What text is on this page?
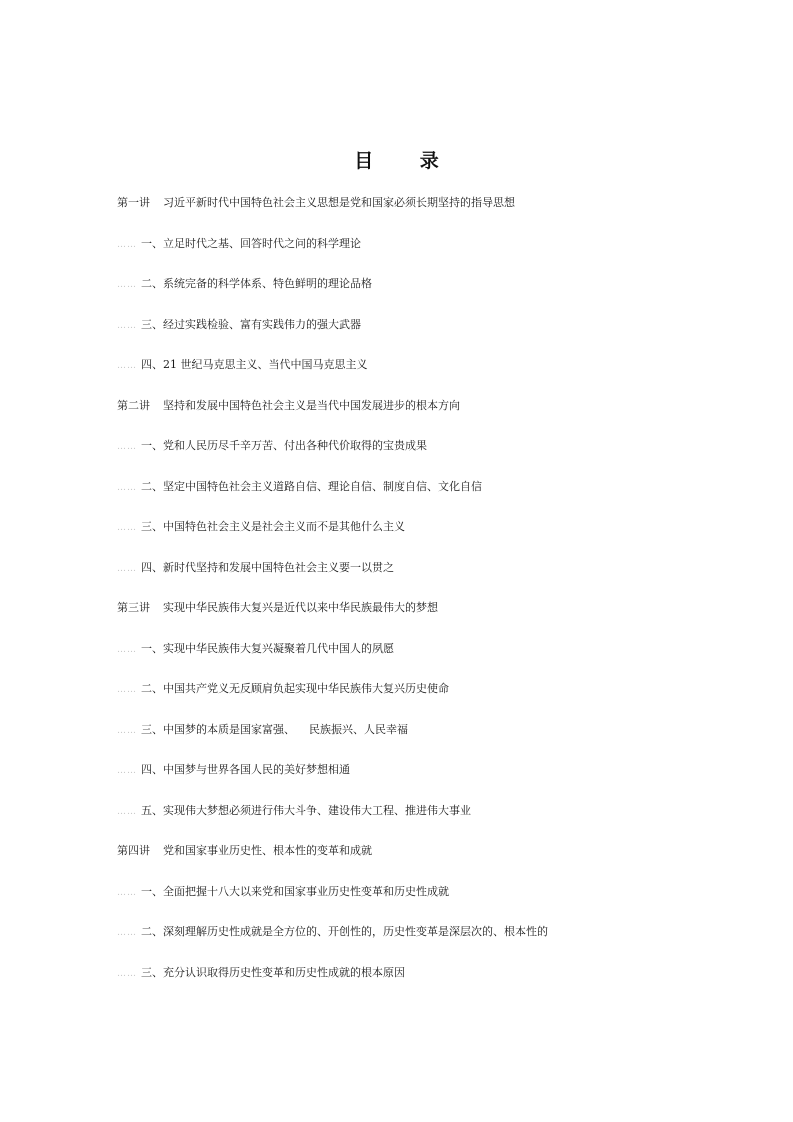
目 录
第一讲 习近平新时代中国特色社会主义思想是党和国家必须长期坚持的指导思想
…… 一、立足时代之基、回答时代之问的科学理论
…… 二、系统完备的科学体系、特色鲜明的理论品格
…… 三、经过实践检验、富有实践伟力的强大武器
…… 四、21 世纪马克思主义、当代中国马克思主义
第二讲 坚持和发展中国特色社会主义是当代中国发展进步的根本方向
…… 一、党和人民历尽千辛万苦、付出各种代价取得的宝贵成果
…… 二、坚定中国特色社会主义道路自信、理论自信、制度自信、文化自信
…… 三、中国特色社会主义是社会主义而不是其他什么主义
…… 四、新时代坚持和发展中国特色社会主义要一以贯之
第三讲 实现中华民族伟大复兴是近代以来中华民族最伟大的梦想
…… 一、实现中华民族伟大复兴凝聚着几代中国人的夙愿
…… 二、中国共产党义无反顾肩负起实现中华民族伟大复兴历史使命
…… 三、中国梦的本质是国家富强、 民族振兴、人民幸福
…… 四、中国梦与世界各国人民的美好梦想相通
…… 五、实现伟大梦想必须进行伟大斗争、建设伟大工程、推进伟大事业
第四讲 党和国家事业历史性、根本性的变革和成就
…… 一、全面把握十八大以来党和国家事业历史性变革和历史性成就
…… 二、深刻理解历史性成就是全方位的、开创性的，历史性变革是深层次的、根本性的
…… 三、充分认识取得历史性变革和历史性成就的根本原因
